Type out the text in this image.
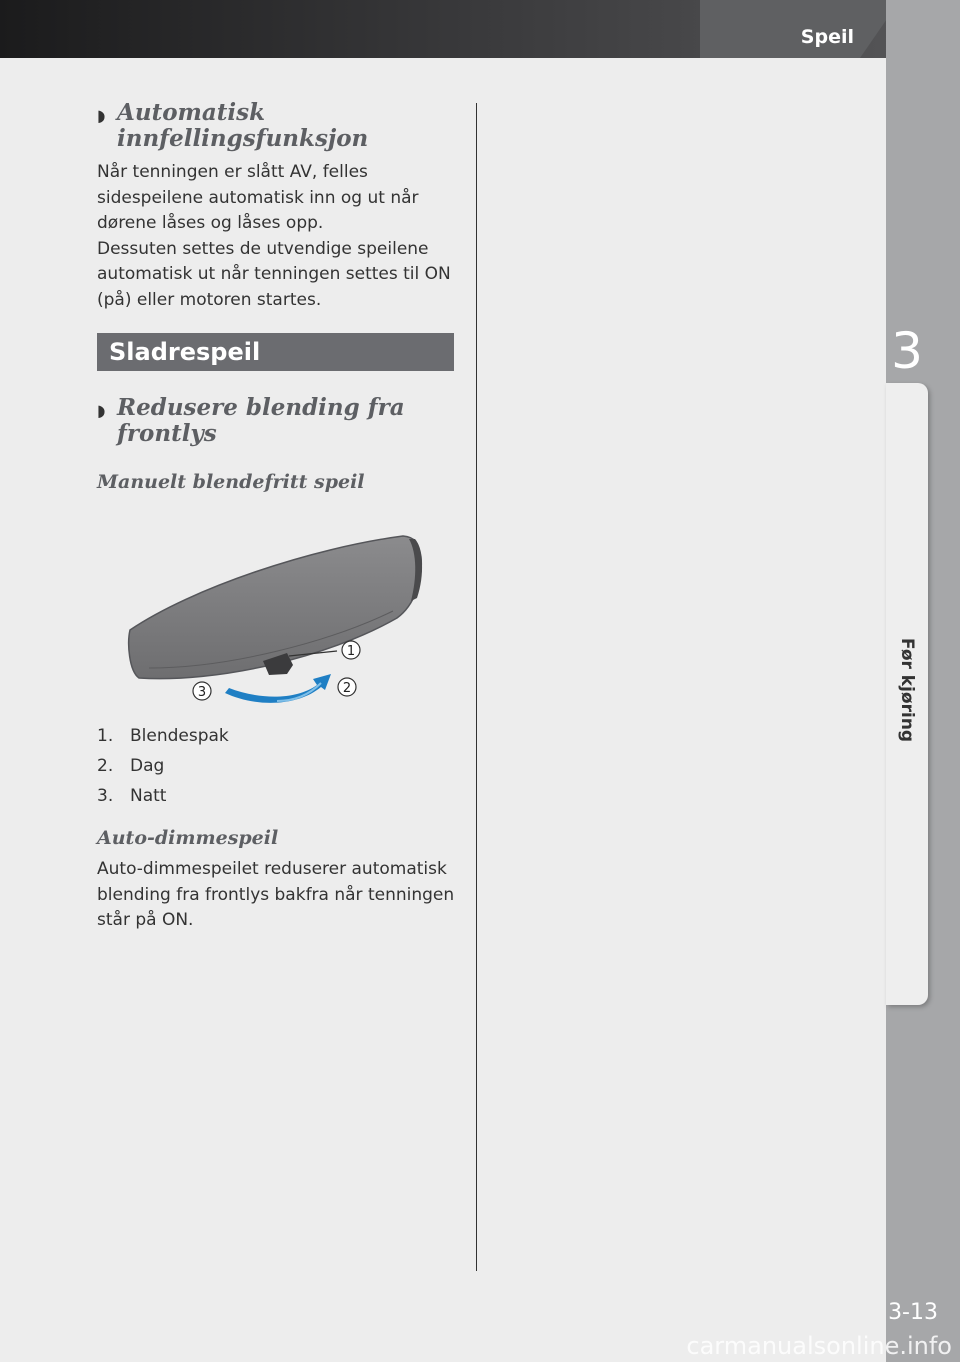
Speil
3
Før kjøring
3-13
carmanualsonline.info
◗ Automatisk
innfellingsfunksjon

Når tenningen er slått AV, felles sidespeilene automatisk inn og ut når dørene låses og låses opp.

Dessuten settes de utvendige speilene automatisk ut når tenningen settes til ON (på) eller motoren startes.

Sladrespeil
◗ Redusere blending fra frontlys
Manuelt blendefritt speil
1
2
3
1. Blendespak
2. Dag
3. Natt
Auto-dimmespeil

Auto-dimmespeilet reduserer automatisk blending fra frontlys bakfra når tenningen står på ON.
